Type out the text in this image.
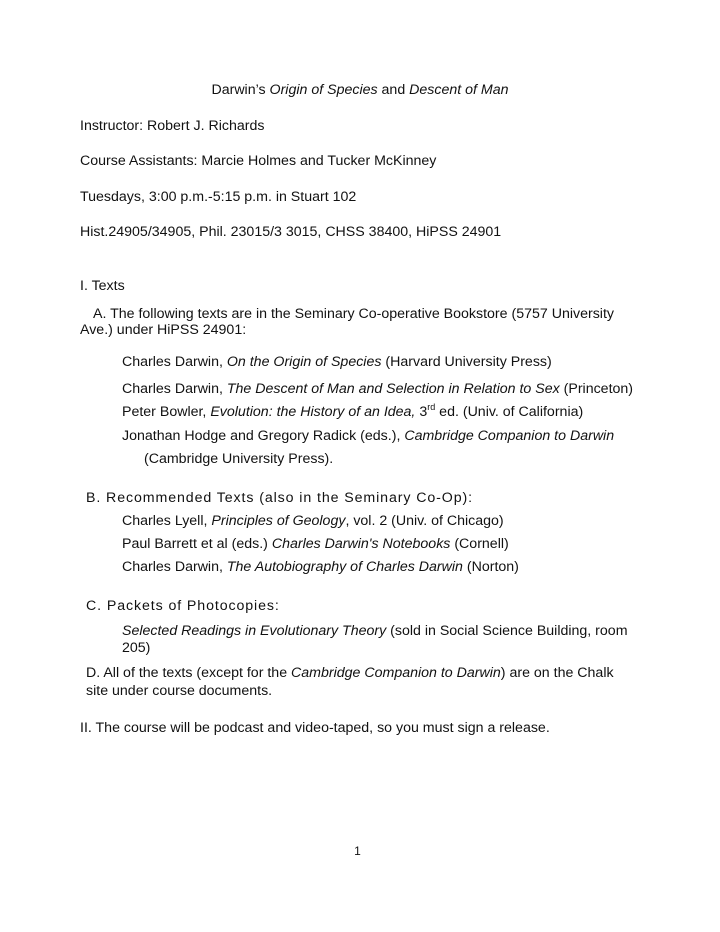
Darwin’s Origin of Species and Descent of Man
Instructor: Robert J. Richards
Course Assistants: Marcie Holmes and Tucker McKinney
Tuesdays, 3:00 p.m.-5:15 p.m. in Stuart 102
Hist.24905/34905, Phil. 23015/3 3015, CHSS 38400, HiPSS 24901
I. Texts
A. The following texts are in the Seminary Co-operative Bookstore (5757 University
Ave.) under HiPSS 24901:
Charles Darwin, On the Origin of Species (Harvard University Press)
Charles Darwin, The Descent of Man and Selection in Relation to Sex (Princeton)
Peter Bowler, Evolution: the History of an Idea, 3rd ed. (Univ. of California)
Jonathan Hodge and Gregory Radick (eds.), Cambridge Companion to Darwin
(Cambridge University Press).
B. Recommended Texts (also in the Seminary Co-Op):
Charles Lyell, Principles of Geology, vol. 2 (Univ. of Chicago)
Paul Barrett et al (eds.) Charles Darwin's Notebooks (Cornell)
Charles Darwin, The Autobiography of Charles Darwin (Norton)
C. Packets of Photocopies:
Selected Readings in Evolutionary Theory (sold in Social Science Building, room
205)
D. All of the texts (except for the Cambridge Companion to Darwin) are on the Chalk
site under course documents.
II. The course will be podcast and video-taped, so you must sign a release.
1
